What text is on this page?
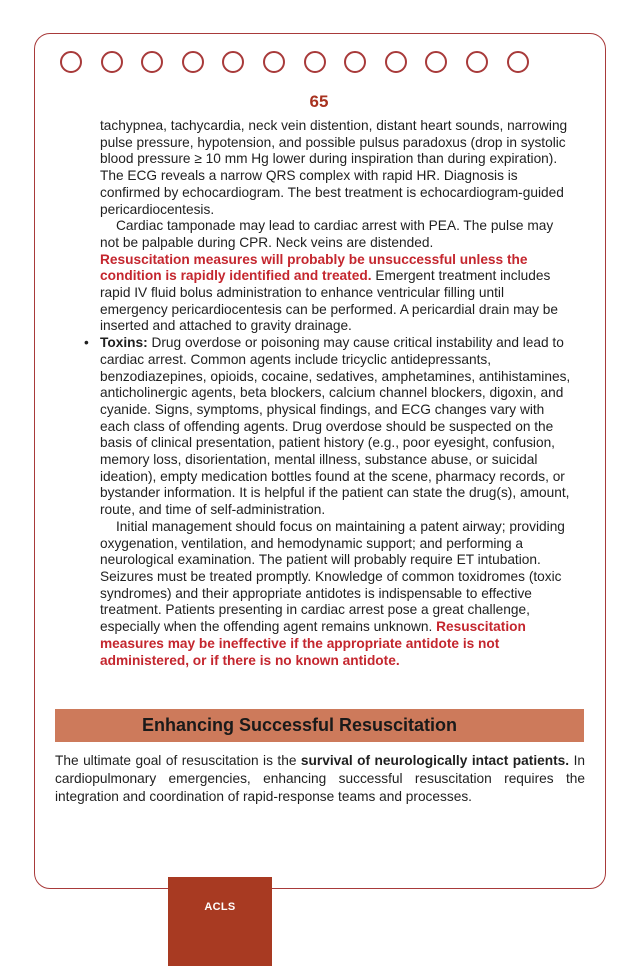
65

tachypnea, tachycardia, neck vein distention, distant heart sounds, narrowing pulse pressure, hypotension, and possible pulsus paradoxus (drop in systolic blood pressure ≥ 10 mm Hg lower during inspiration than during expiration). The ECG reveals a narrow QRS complex with rapid HR. Diagnosis is confirmed by echocardiogram. The best treatment is echocardiogram-guided pericardiocentesis.

Cardiac tamponade may lead to cardiac arrest with PEA. The pulse may not be palpable during CPR. Neck veins are distended.
Resuscitation measures will probably be unsuccessful unless the condition is rapidly identified and treated. Emergent treatment includes rapid IV fluid bolus administration to enhance ventricular filling until emergency pericardiocentesis can be performed. A pericardial drain may be inserted and attached to gravity drainage.

• Toxins: Drug overdose or poisoning may cause critical instability and lead to cardiac arrest. Common agents include tricyclic antidepressants, benzodiazepines, opioids, cocaine, sedatives, amphetamines, antihistamines, anticholinergic agents, beta blockers, calcium channel blockers, digoxin, and cyanide. Signs, symptoms, physical findings, and ECG changes vary with each class of offending agents. Drug overdose should be suspected on the basis of clinical presentation, patient history (e.g., poor eyesight, confusion, memory loss, disorientation, mental illness, substance abuse, or suicidal ideation), empty medication bottles found at the scene, pharmacy records, or bystander information. It is helpful if the patient can state the drug(s), amount, route, and time of self-administration.

Initial management should focus on maintaining a patent airway; providing oxygenation, ventilation, and hemodynamic support; and performing a neurological examination. The patient will probably require ET intubation. Seizures must be treated promptly. Knowledge of common toxidromes (toxic syndromes) and their appropriate antidotes is indispensable to effective treatment. Patients presenting in cardiac arrest pose a great challenge, especially when the offending agent remains unknown. Resuscitation measures may be ineffective if the appropriate antidote is not administered, or if there is no known antidote.

Enhancing Successful Resuscitation

The ultimate goal of resuscitation is the survival of neurologically intact patients. In cardiopulmonary emergencies, enhancing successful resuscitation requires the integration and coordination of rapid-response teams and processes.

ACLS
